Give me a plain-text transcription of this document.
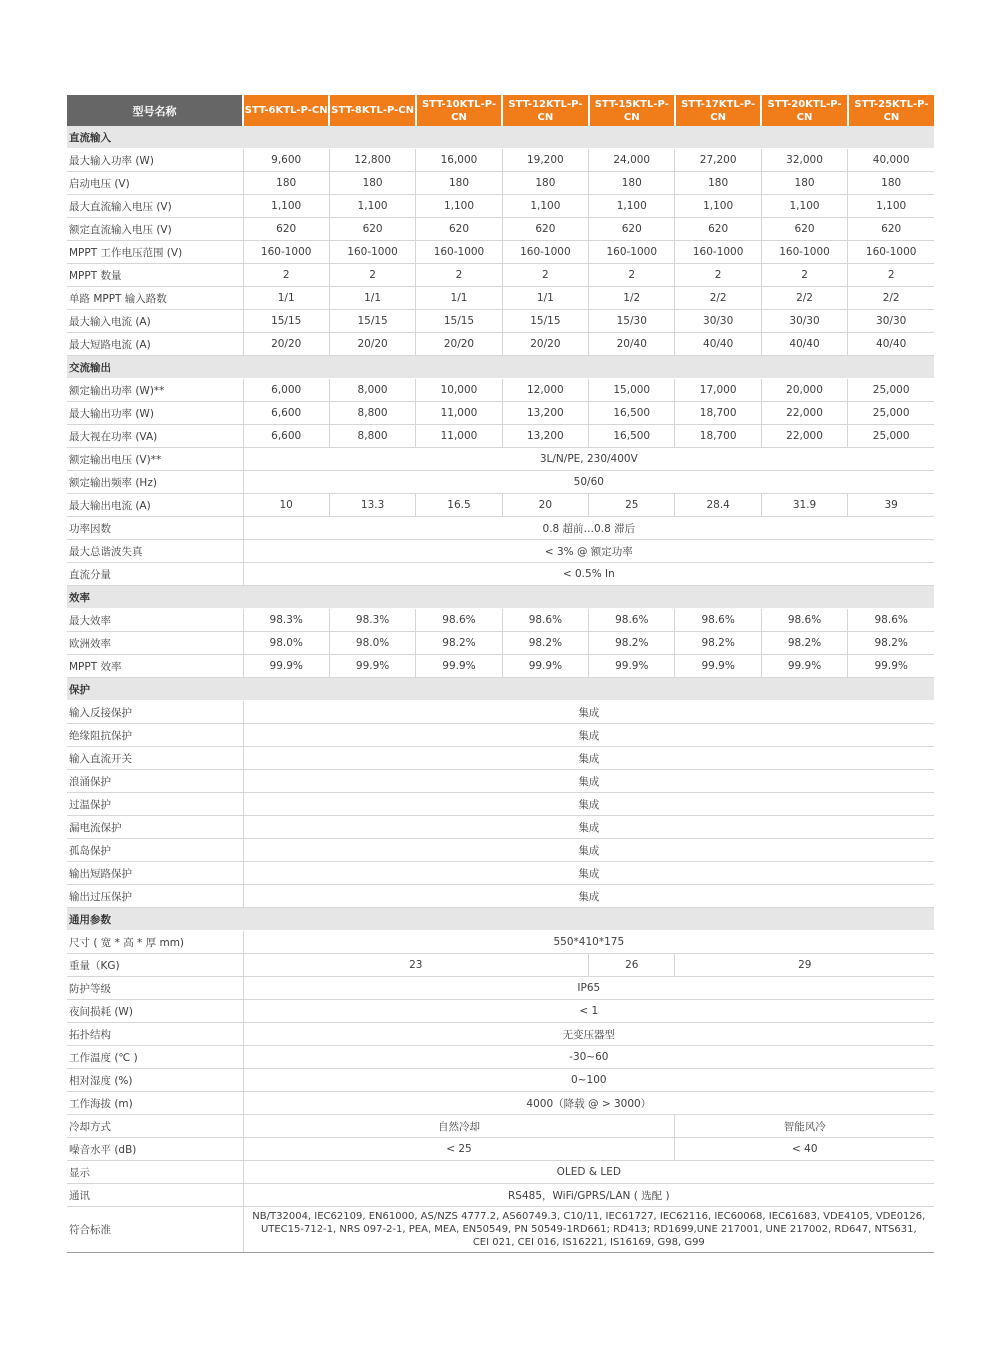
型号名称	STT-6KTL-P-CN	STT-8KTL-P-CN	STT-10KTL-P-CN	STT-12KTL-P-CN	STT-15KTL-P-CN	STT-17KTL-P-CN	STT-20KTL-P-CN	STT-25KTL-P-CN
直流输入								
最大输入功率 (W)	9,600	12,800	16,000	19,200	24,000	27,200	32,000	40,000
启动电压 (V)	180	180	180	180	180	180	180	180
最大直流输入电压 (V)	1,100	1,100	1,100	1,100	1,100	1,100	1,100	1,100
额定直流输入电压 (V)	620	620	620	620	620	620	620	620
MPPT 工作电压范围 (V)	160-1000	160-1000	160-1000	160-1000	160-1000	160-1000	160-1000	160-1000
MPPT 数量	2	2	2	2	2	2	2	2
单路 MPPT 输入路数	1/1	1/1	1/1	1/1	1/2	2/2	2/2	2/2
最大输入电流 (A)	15/15	15/15	15/15	15/15	15/30	30/30	30/30	30/30
最大短路电流 (A)	20/20	20/20	20/20	20/20	20/40	40/40	40/40	40/40
交流输出								
额定输出功率 (W)**	6,000	8,000	10,000	12,000	15,000	17,000	20,000	25,000
最大输出功率 (W)	6,600	8,800	11,000	13,200	16,500	18,700	22,000	25,000
最大视在功率 (VA)	6,600	8,800	11,000	13,200	16,500	18,700	22,000	25,000
额定输出电压 (V)**	3L/N/PE, 230/400V							
额定输出频率 (Hz)	50/60							
最大输出电流 (A)	10	13.3	16.5	20	25	28.4	31.9	39
功率因数	0.8 超前…0.8 滞后							
最大总谐波失真	< 3% @ 额定功率							
直流分量	< 0.5% In							
效率								
最大效率	98.3%	98.3%	98.6%	98.6%	98.6%	98.6%	98.6%	98.6%
欧洲效率	98.0%	98.0%	98.2%	98.2%	98.2%	98.2%	98.2%	98.2%
MPPT 效率	99.9%	99.9%	99.9%	99.9%	99.9%	99.9%	99.9%	99.9%
保护								
输入反接保护	集成							
绝缘阻抗保护	集成							
输入直流开关	集成							
浪涌保护	集成							
过温保护	集成							
漏电流保护	集成							
孤岛保护	集成							
输出短路保护	集成							
输出过压保护	集成							
通用参数								
尺寸 ( 宽 * 高 * 厚 mm)	550*410*175							
重量（KG)	23				26	29		
防护等级	IP65							
夜间损耗 (W)	< 1							
拓扑结构	无变压器型							
工作温度 (℃ )	-30~60							
相对湿度 (%)	0~100							
工作海拔 (m)	4000（降载 @ > 3000）							
冷却方式	自然冷却					智能风冷		
噪音水平 (dB)	< 25					< 40		
显示	OLED & LED							
通讯	RS485，WiFi/GPRS/LAN ( 选配 )							
符合标准	NB/T32004, IEC62109, EN61000, AS/NZS 4777.2, AS60749.3, C10/11, IEC61727, IEC62116, IEC60068, IEC61683, VDE4105, VDE0126, UTEC15-712-1, NRS 097-2-1, PEA, MEA, EN50549, PN 50549-1RD661; RD413; RD1699,UNE 217001, UNE 217002, RD647, NTS631, CEI 021, CEI 016, IS16221, IS16169, G98, G99							
